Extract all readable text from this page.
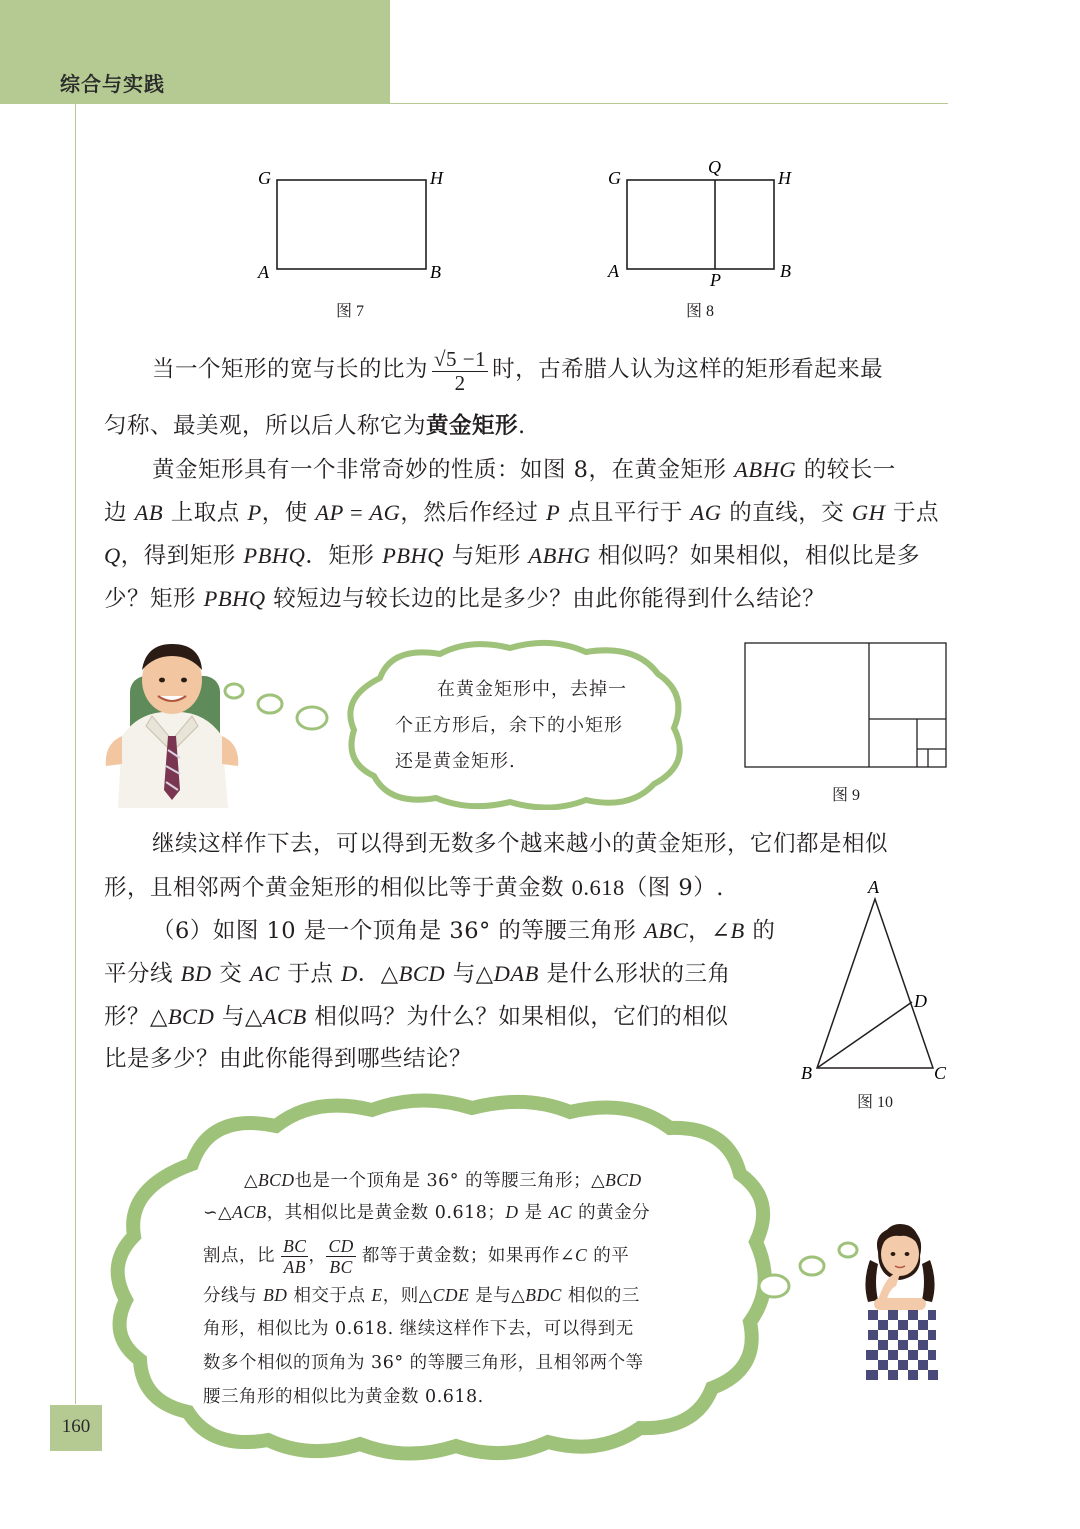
综合与实践
G	H
A	B
图 7
G
Q
H
A	P	B
图 8
当一个矩形的宽与长的比为 $\frac{√5 -1}{2}$ 时，古希腊人认为这样的矩形看起来最
匀称、最美观，所以后人称它为黄金矩形.
黄金矩形具有一个非常奇妙的性质：如图 8，在黄金矩形 ABHG 的较长一
边 AB 上取点 P，使 AP = AG，然后作经过 P 点且平行于 AG 的直线，交 GH 于点
Q，得到矩形 PBHQ．矩形 PBHQ 与矩形 ABHG 相似吗？如果相似，相似比是多
少？矩形 PBHQ 较短边与较长边的比是多少？由此你能得到什么结论？
在黄金矩形中，去掉一
个正方形后，余下的小矩形
还是黄金矩形.
图 9
继续这样作下去，可以得到无数多个越来越小的黄金矩形，它们都是相似
形，且相邻两个黄金矩形的相似比等于黄金数 0.618（图 9）.
（6）如图 10 是一个顶角是 36° 的等腰三角形 ABC，∠B 的
平分线 BD 交 AC 于点 D．△BCD 与△DAB 是什么形状的三角
形？△BCD 与△ACB 相似吗？为什么？如果相似，它们的相似
比是多少？由此你能得到哪些结论？
A
D
B	C
图 10
△BCD也是一个顶角是 36° 的等腰三角形；△BCD
∽△ACB，其相似比是黄金数 0.618；D 是 AC 的黄金分
割点，比 $\frac{BC}{AB}$ ， $\frac{CD}{BC}$ 都等于黄金数；如果再作∠C 的平
分线与 BD 相交于点 E，则△CDE 是与△BDC 相似的三
角形，相似比为 0.618. 继续这样作下去，可以得到无
数多个相似的顶角为 36° 的等腰三角形，且相邻两个等
腰三角形的相似比为黄金数 0.618.
160
